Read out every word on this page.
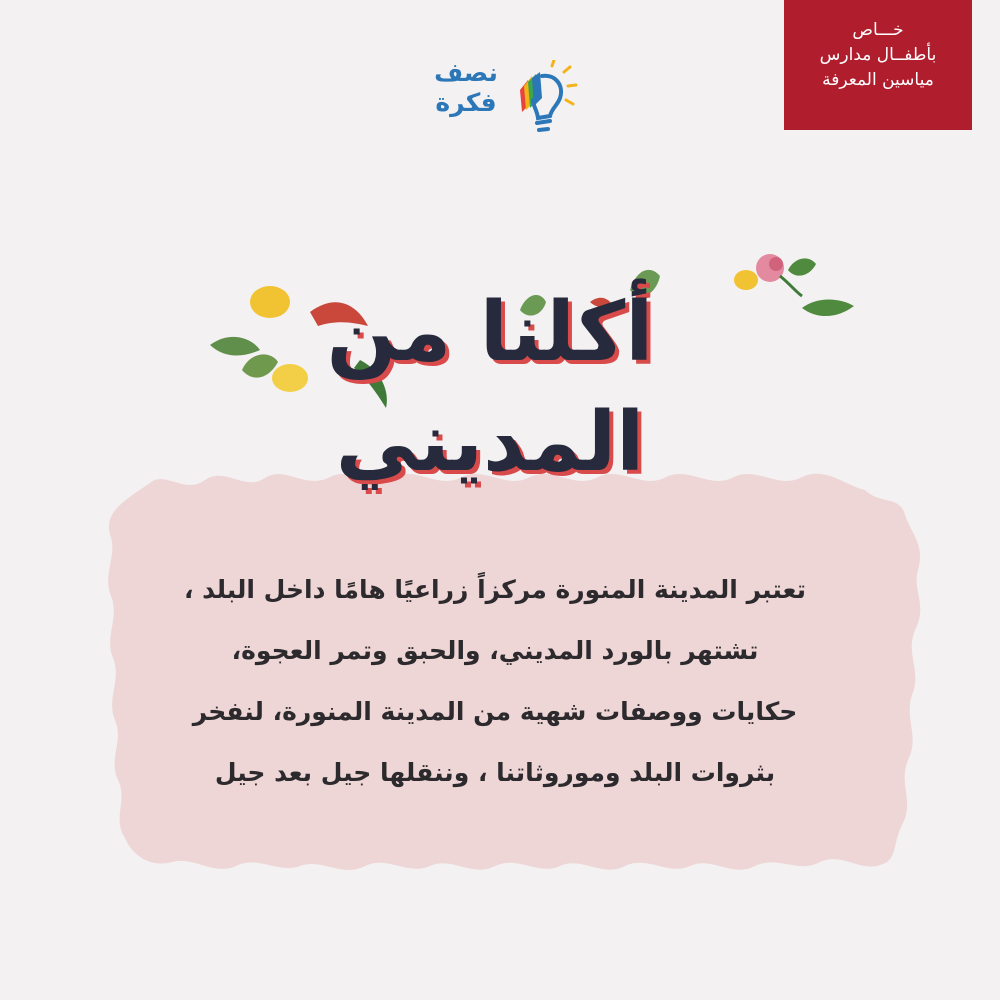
خـــاص
بأطفــال مدارس
مياسين المعرفة
نصف
فكرة
أكلنا من المديني
تعتبر المدينة المنورة مركزاً زراعيًا هامًا داخل البلد ،
تشتهر بالورد المديني، والحبق وتمر العجوة،
حكايات ووصفات شهية من المدينة المنورة، لنفخر
بثروات البلد وموروثاتنا ، وننقلها جيل بعد جيل
